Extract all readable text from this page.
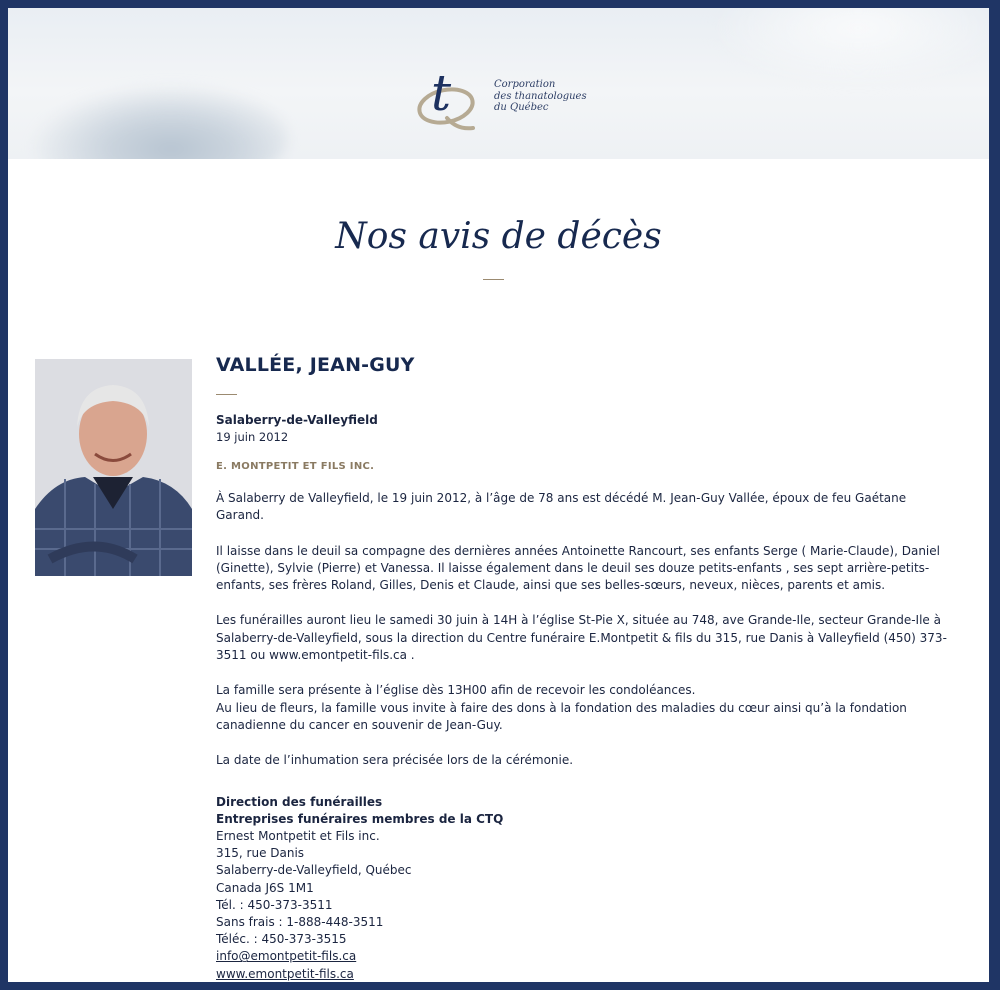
t	Corporation
des thanatologues
du Québec
Nos avis de décès
VALLÉE, JEAN-GUY
Salaberry-de-Valleyfield
19 juin 2012
E. MONTPETIT ET FILS INC.

À Salaberry de Valleyfield, le 19 juin 2012, à l’âge de 78 ans est décédé M. Jean-Guy Vallée, époux de feu Gaétane Garand.

Il laisse dans le deuil sa compagne des dernières années Antoinette Rancourt, ses enfants Serge ( Marie-Claude), Daniel (Ginette), Sylvie (Pierre) et Vanessa. Il laisse également dans le deuil ses douze petits-enfants , ses sept arrière-petits-enfants, ses frères Roland, Gilles, Denis et Claude, ainsi que ses belles-sœurs, neveux, nièces, parents et amis.

Les funérailles auront lieu le samedi 30 juin à 14H à l’église St-Pie X, située au 748, ave Grande-Ile, secteur Grande-Ile à Salaberry-de-Valleyfield, sous la direction du Centre funéraire E.Montpetit & fils du 315, rue Danis à Valleyfield (450) 373-3511 ou www.emontpetit-fils.ca .

La famille sera présente à l’église dès 13H00 afin de recevoir les condoléances.

Au lieu de fleurs, la famille vous invite à faire des dons à la fondation des maladies du cœur ainsi qu’à la fondation canadienne du cancer en souvenir de Jean-Guy.

La date de l’inhumation sera précisée lors de la cérémonie.

Direction des funérailles
Entreprises funéraires membres de la CTQ
Ernest Montpetit et Fils inc.
315, rue Danis
Salaberry-de-Valleyfield, Québec
Canada J6S 1M1
Tél. : 450-373-3511
Sans frais : 1-888-448-3511
Téléc. : 450-373-3515
info@emontpetit-fils.ca
www.emontpetit-fils.ca
